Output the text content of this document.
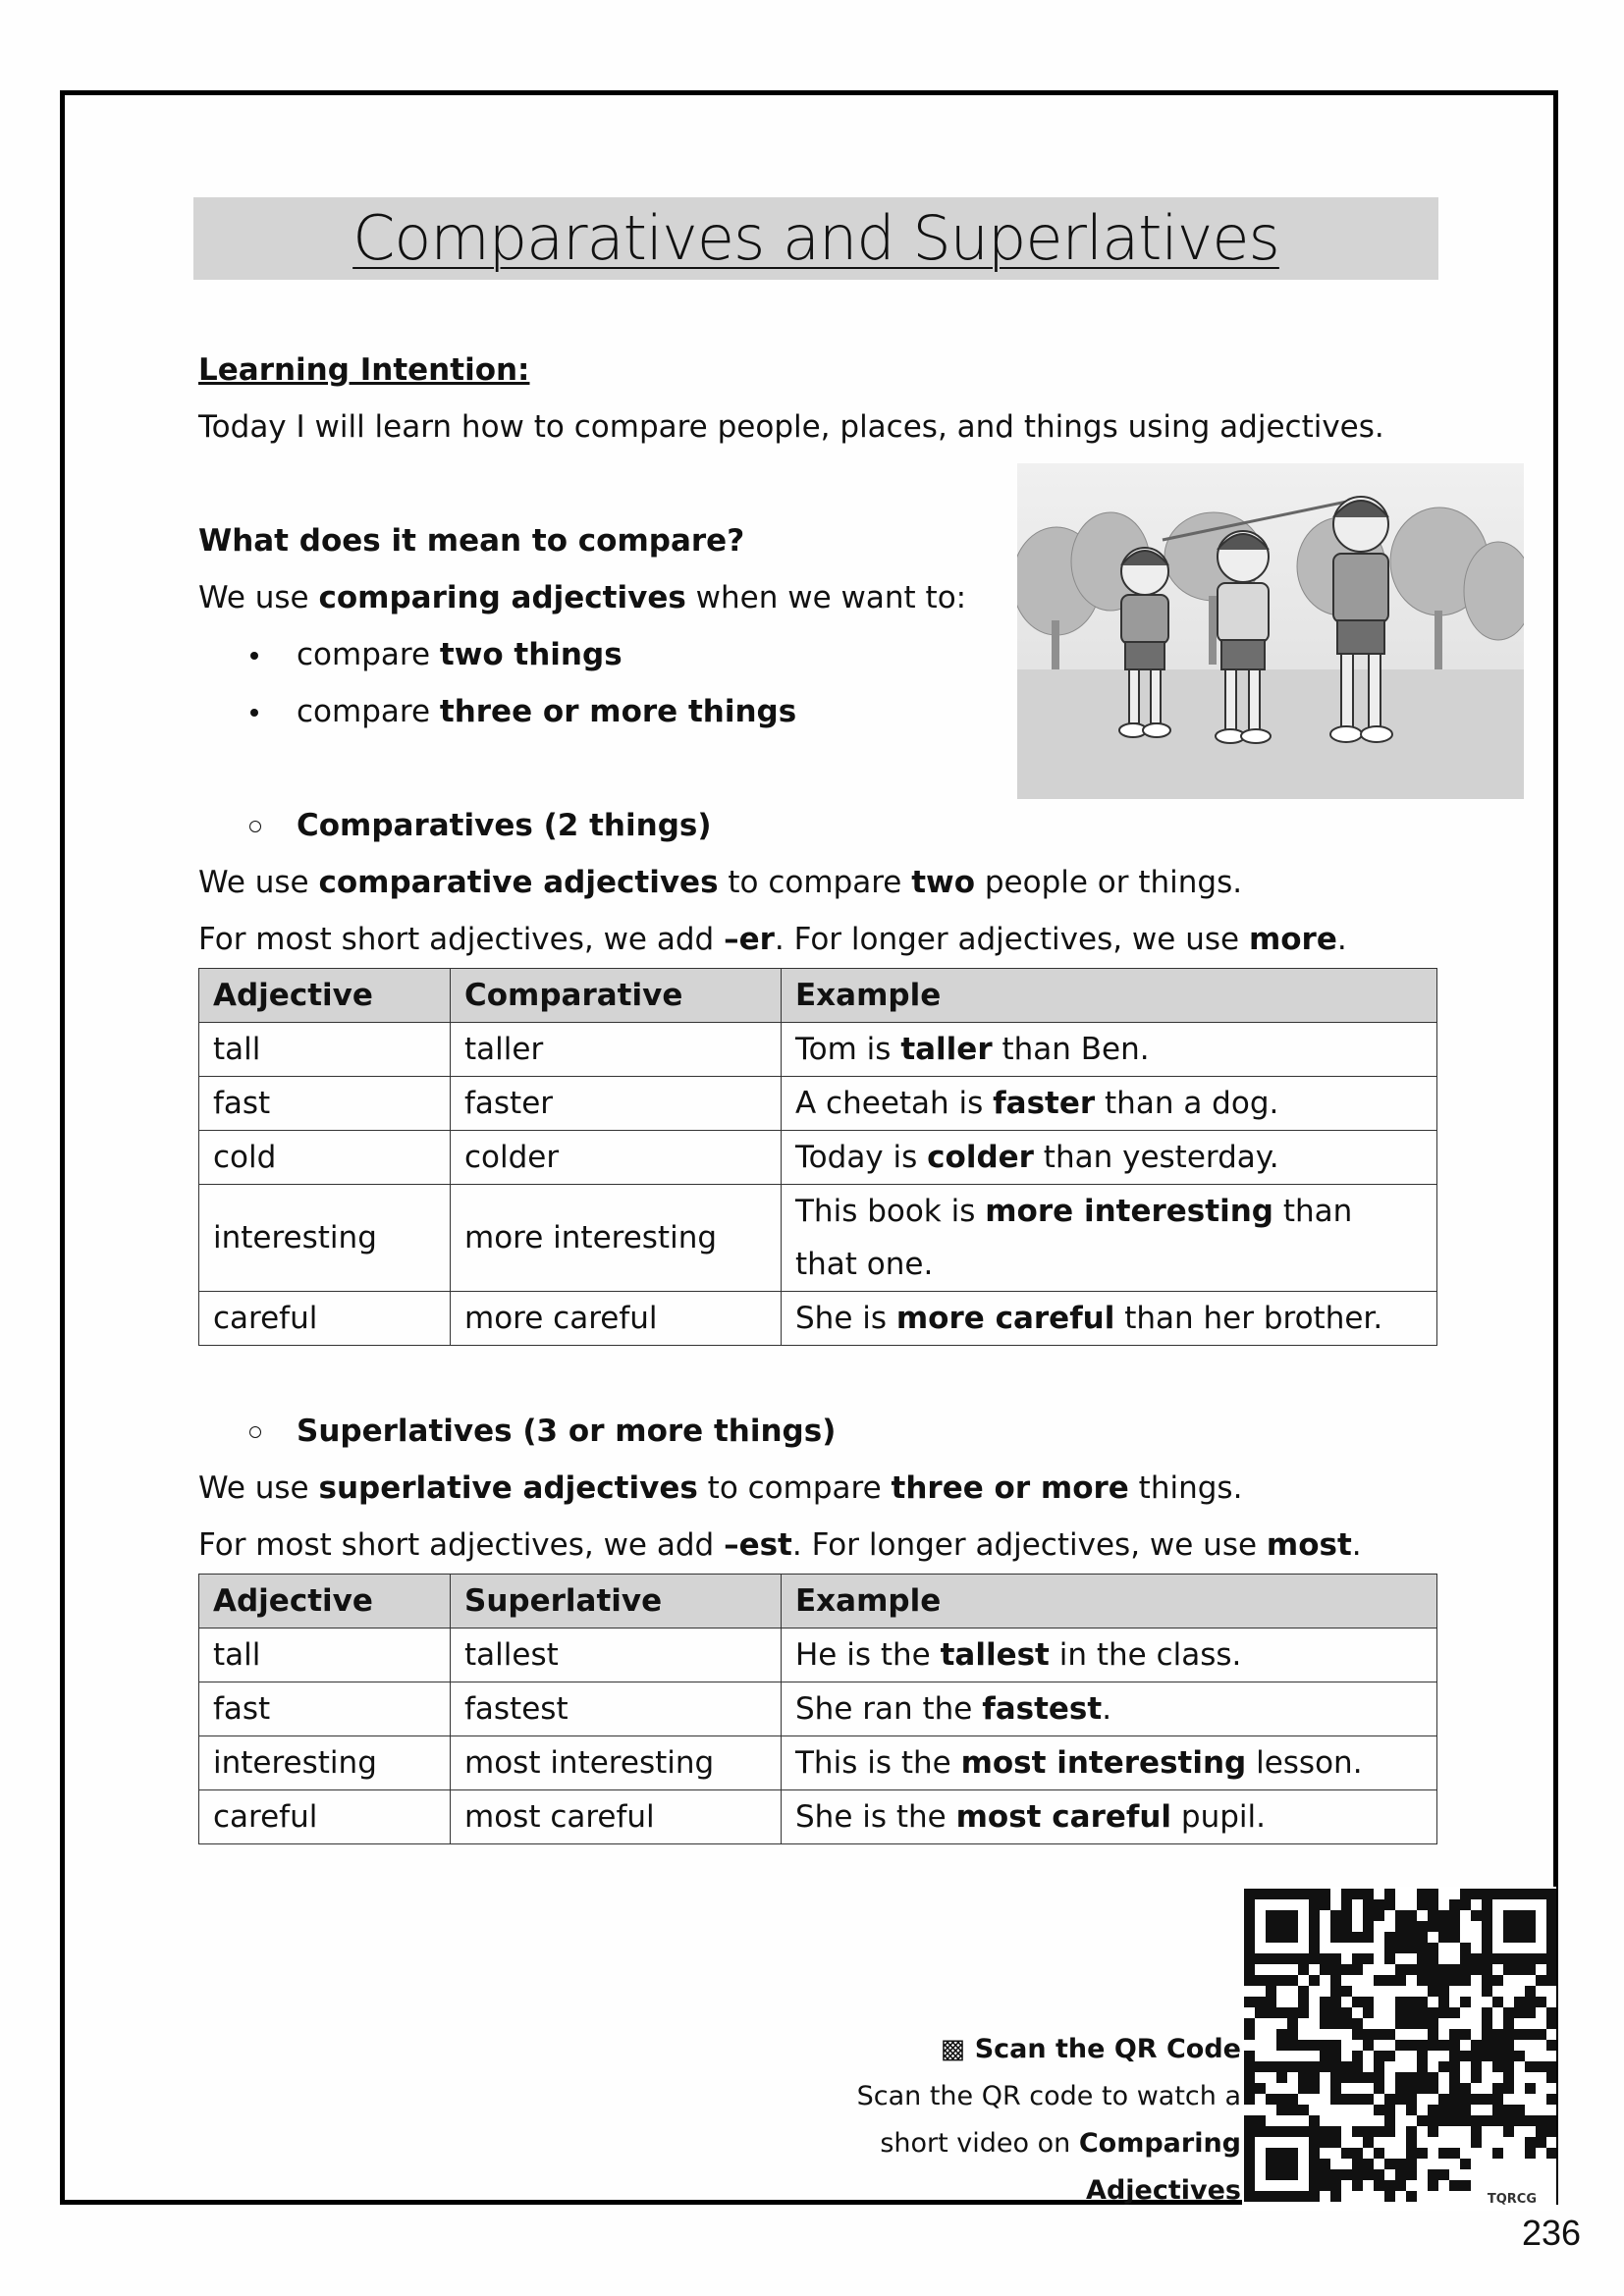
Comparatives and Superlatives

Learning Intention:

Today I will learn how to compare people, places, and things using adjectives.

What does it mean to compare?

We use comparing adjectives when we want to:

compare two things
compare three or more things
Comparatives (2 things)

We use comparative adjectives to compare two people or things.

For most short adjectives, we add –er. For longer adjectives, we use more.

Adjective	Comparative	Example
tall	taller	Tom is taller than Ben.
fast	faster	A cheetah is faster than a dog.
cold	colder	Today is colder than yesterday.
interesting	more interesting	This book is more interesting than that one.
careful	more careful	She is more careful than her brother.
Superlatives (3 or more things)

We use superlative adjectives to compare three or more things.

For most short adjectives, we add –est. For longer adjectives, we use most.

Adjective	Superlative	Example
tall	tallest	He is the tallest in the class.
fast	fastest	She ran the fastest.
interesting	most interesting	This is the most interesting lesson.
careful	most careful	She is the most careful pupil.
▩ Scan the QR Code
Scan the QR code to watch a short video on Comparing Adjectives	TQRCG
236
